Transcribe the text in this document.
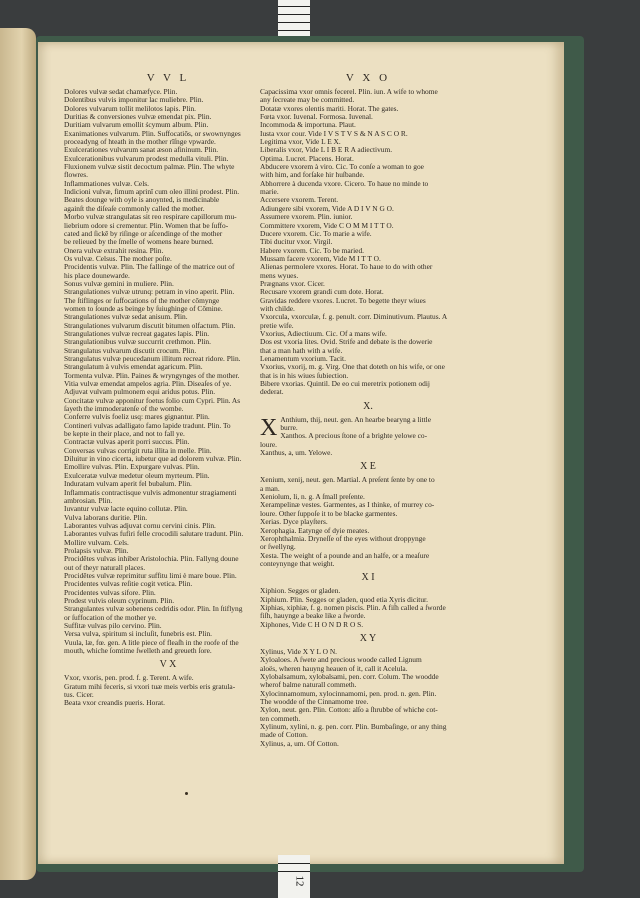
V V L
Dolores vulvæ sedat chamæfyce. Plin.
Dolentibus vulvis imponitur lac muliebre. Plin.
Dolores vulvarum tollit melilotos lapis. Plin.
Duritias & conversiones vulvæ emendat pix. Plin.
Duritiam vulvarum emollit ścymum album. Plin.
Exanimationes vulvarum. Plin. Suffocatiōs, or swownynges
proceadyng of hteath in the mother rīſnge vpwarde.
Exulcerationes vulvarum sanat æson afininum. Plin.
Exulcerationibus vulvarum prodest medulla vituli. Plin.
Fluxionem vulvæ sistit decoctum palmæ. Plin. The whyte
flowres.
Inflammationes vulvæ. Cels.
Indicioni vulvæ, fimum aprinī cum oleo illini prodest. Plin.
Beates dounge with oyle is anoynted, is medicinable
againſt the diſeaſe commonly called the mother.
Morbo vulvæ strangulatas sit reo respirare capillorum mu-
liebrium odore si crementur. Plin. Women that be ſuffo-
cated and ſickē by riſinge or aſcendinge of the mother
be relieued by the ſmelle of womens heare burned.
Onera vulvæ extrahit resina. Plin.
Os vulvæ. Celsus. The mother poſte.
Procidentis vulvæ. Plin. The fallinge of the matrice out of
his place dounewarde.
Sonus vulvæ gemini in muliere. Plin.
Strangulationes vulvæ utrunq: petram in vino aperit. Plin.
The ſtiflinges or ſuffocations of the mother cōmynge
women to ſounde as beinge by ſuiughinge of Cōmine.
Strangulationes vulvæ sedat anisum. Plin.
Strangulationes vulvarum discutit bitumen olfactum. Plin.
Strangulationes vulvæ recreat gagates lapis. Plin.
Strangulationibus vulvæ succurrit crethmon. Plin.
Strangulatus vulvarum discutit crocum. Plin.
Strangulatus vulvæ peucedanum illitum recreat ridore. Plin.
Strangulatum à vulvis emendat agaricum. Plin.
Tormenta vulvæ. Plin. Paines & wryngynges of the mother.
Vitia vulvæ emendat ampelos agria. Plin. Diseaſes of ye.
Adjuvat vulvam pulmonem equi aridus potus. Plin.
Concitatæ vulvæ apponitur foetus folio cum Cypri. Plin. As
ſayeth the immoderatenſe of the wombe.
Conferre vulvis foeliz usq: mares gignantur. Plin.
Contineri vulvas adalligato famo lapide tradunt. Plin. To
be kepte in their place, and not to fall ye.
Contractæ vulvas aperit porri succus. Plin.
Conversas vulvas corrigit ruta illita in melle. Plin.
Diluitur in vino cicerta, iubetur que ad dolorem vulvæ. Plin.
Emollire vulvas. Plin. Expurgare vulvas. Plin.
Exulceratæ vulvæ medetur oleum myrteum. Plin.
Induratam vulvam aperit fel bubalum. Plin.
Inflammatis contractisque vulvis admonentur stragiamenti
ambrosian. Plin.
Iuvantur vulvæ lacte equino collutæ. Plin.
Vulva laborans duritie. Plin.
Laborantes vulvas adjuvat cornu cervini cinis. Plin.
Laborantes vulvas fufiri felle crocodili salutare tradunt. Plin.
Mollire vulvam. Cels.
Prolapsis vulvæ. Plin.
Procidētes vulvas inhiber Aristolochia. Plin. Fallyng doune
out of theyr naturall places.
Procidētes vulvæ reprimitur suffitu limi è mare boue. Plin.
Procidentes vulvas reſitie cogit vetica. Plin.
Procidentes vulvas sifore. Plin.
Prodest vulvis oleum cyprinum. Plin.
Strangulantes vulvæ sobenens cedridis odor. Plin. In ſtiflyng
or ſuffocation of the mother ye.
Suffitæ vulvas pilo cervino. Plin.
Versa vulva, spiritum si incluſit, funebris est. Plin.
Vuula, læ, fœ. gen. A litle piece of fleaſh in the roofe of the
mouth, whiche ſomtime ſwelleth and greueth ſore.
V X
Vxor, vxoris, pen. prod. f. g. Terent. A wife.
Gratum mihi feceris, si vxori tuæ meis verbis eris gratula-
tus. Cicer.
Beata vxor creandis pueris. Horat.
V X O
Capacissima vxor omnis fecerel. Plin. iun. A wife to whome
any ſecreate may be committed.
Dotatæ vxores olentis mariti. Horat. The gates.
Fœta vxor. Iuvenal. Formosa. Iuvenal.
Incommoda & importuna. Plaut.
Iusta vxor cour. Vide I V S T V S & N A S C O R.
Legitima vxor, Vide L E X.
Liberalis vxor, Vide L I B E R A adiectivum.
Optima. Lucret. Placens. Horat.
Abducere vxorem à viro. Cic. To conſe a woman to goe
with him, and forſake hir huſbande.
Abhorrere à ducenda vxore. Cicero. To haue no minde to
marie.
Accersere vxorem. Terent.
Adiungere sibi vxorem, Vide A D I V N G O.
Assumere vxorem. Plin. iunior.
Committere vxorem, Vide C O M M I T T O.
Ducere vxorem. Cic. To marie a wife.
Tibi ducitur vxor. Virgil.
Habere vxorem. Cic. To be maried.
Mussam facere vxorem, Vide M I T T O.
Alienas permolere vxores. Horat. To haue to do with other
mens wyues.
Prægnans vxor. Cicer.
Recusare vxorem grandi cum dote. Horat.
Gravidas reddere vxores. Lucret. To begette theyr wiues
with childe.
Vxorcula, vxorculæ, f. g. penult. corr. Diminutivum. Plautus. A
pretie wife.
Vxorius, Adiectiuum. Cic. Of a mans wife.
Dos est vxoria lites. Ovid. Strife and debate is the dowerie
that a man hath with a wife.
Lenamentum vxorium. Tacit.
Vxorius, vxorij, m. g. Virg. One that doteth on his wife, or one
that is in his wiues ſubiection.
Bibere vxorias. Quintil. De eo cui meretrix potionem odij
dederat.
X.
X Anthium, thij, neut. gen. An hearbe bearyng a little
burre.
Xanthos. A precious ſtone of a brighte yelowe co-
loure.
Xanthus, a, um. Yelowe.
X E
Xenium, xenij, neut. gen. Martial. A preſent ſente by one to
a man.
Xeniolum, li, n. g. A ſmall preſente.
Xerampelinæ vestes. Garmentes, as I thinke, of murrey co-
loure. Other ſuppoſe it to be blacke garmentes.
Xerias. Dyce playſters.
Xerophagia. Eatynge of dyie meates.
Xerophthalmia. Dryneſſe of the eyes without droppynge
or ſwellyng.
Xesta. The weight of a pounde and an halfe, or a meaſure
conteynynge that weight.
X I
Xiphion. Segges or gladen.
Xiphium. Plin. Segges or gladen, quod etia Xyris dicitur.
Xiphias, xiphiæ, f. g. nomen piscis. Plin. A fiſh called a ſworde
fiſh, hauynge a beake like a ſworde.
Xiphones, Vide C H O N D R O S.
X Y
Xylinus, Vide X Y L O N.
Xyloaloes. A ſwete and precious woode called Lignum
aloës, wheren hauyng heauen of it, call it Acelula.
Xylobalsamum, xylobalsami, pen. corr. Colum. The woodde
wherof balme naturall commeth.
Xylocinnamomum, xylocinnamomi, pen. prod. n. gen. Plin.
The woodde of the Cinnamome tree.
Xylon, neut. gen. Plin. Cotton: alſo a ſhrubbe of whiche cot-
ten commeth.
Xylinum, xylini, n. g. pen. corr. Plin. Bumbaſinge, or any thing
made of Cotton.
Xylinus, a, um. Of Cotton.
12
